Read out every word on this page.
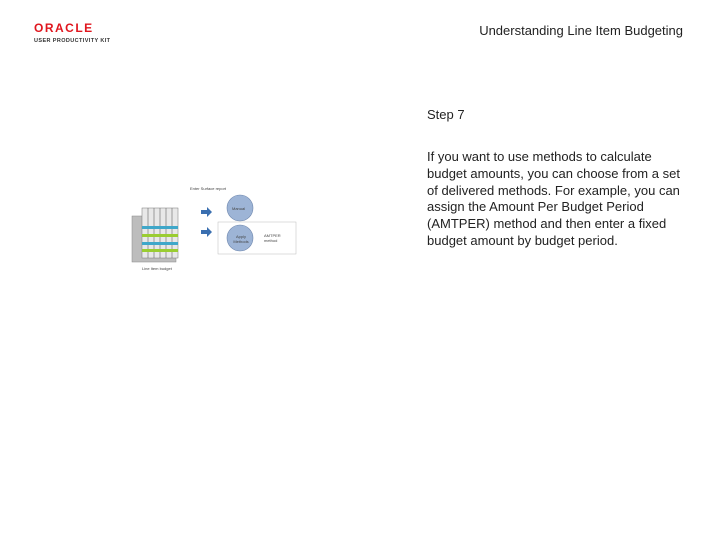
ORACLE
USER PRODUCTIVITY KIT
Understanding Line Item Budgeting
Step 7
If you want to use methods to calculate budget amounts, you can choose from a set of delivered methods. For example, you can assign the Amount Per Budget Period (AMTPER) method and then enter a fixed budget amount by budget period.
Enter Surface report
Manual
Apply Methods
AMTPER method
Line Item budget
